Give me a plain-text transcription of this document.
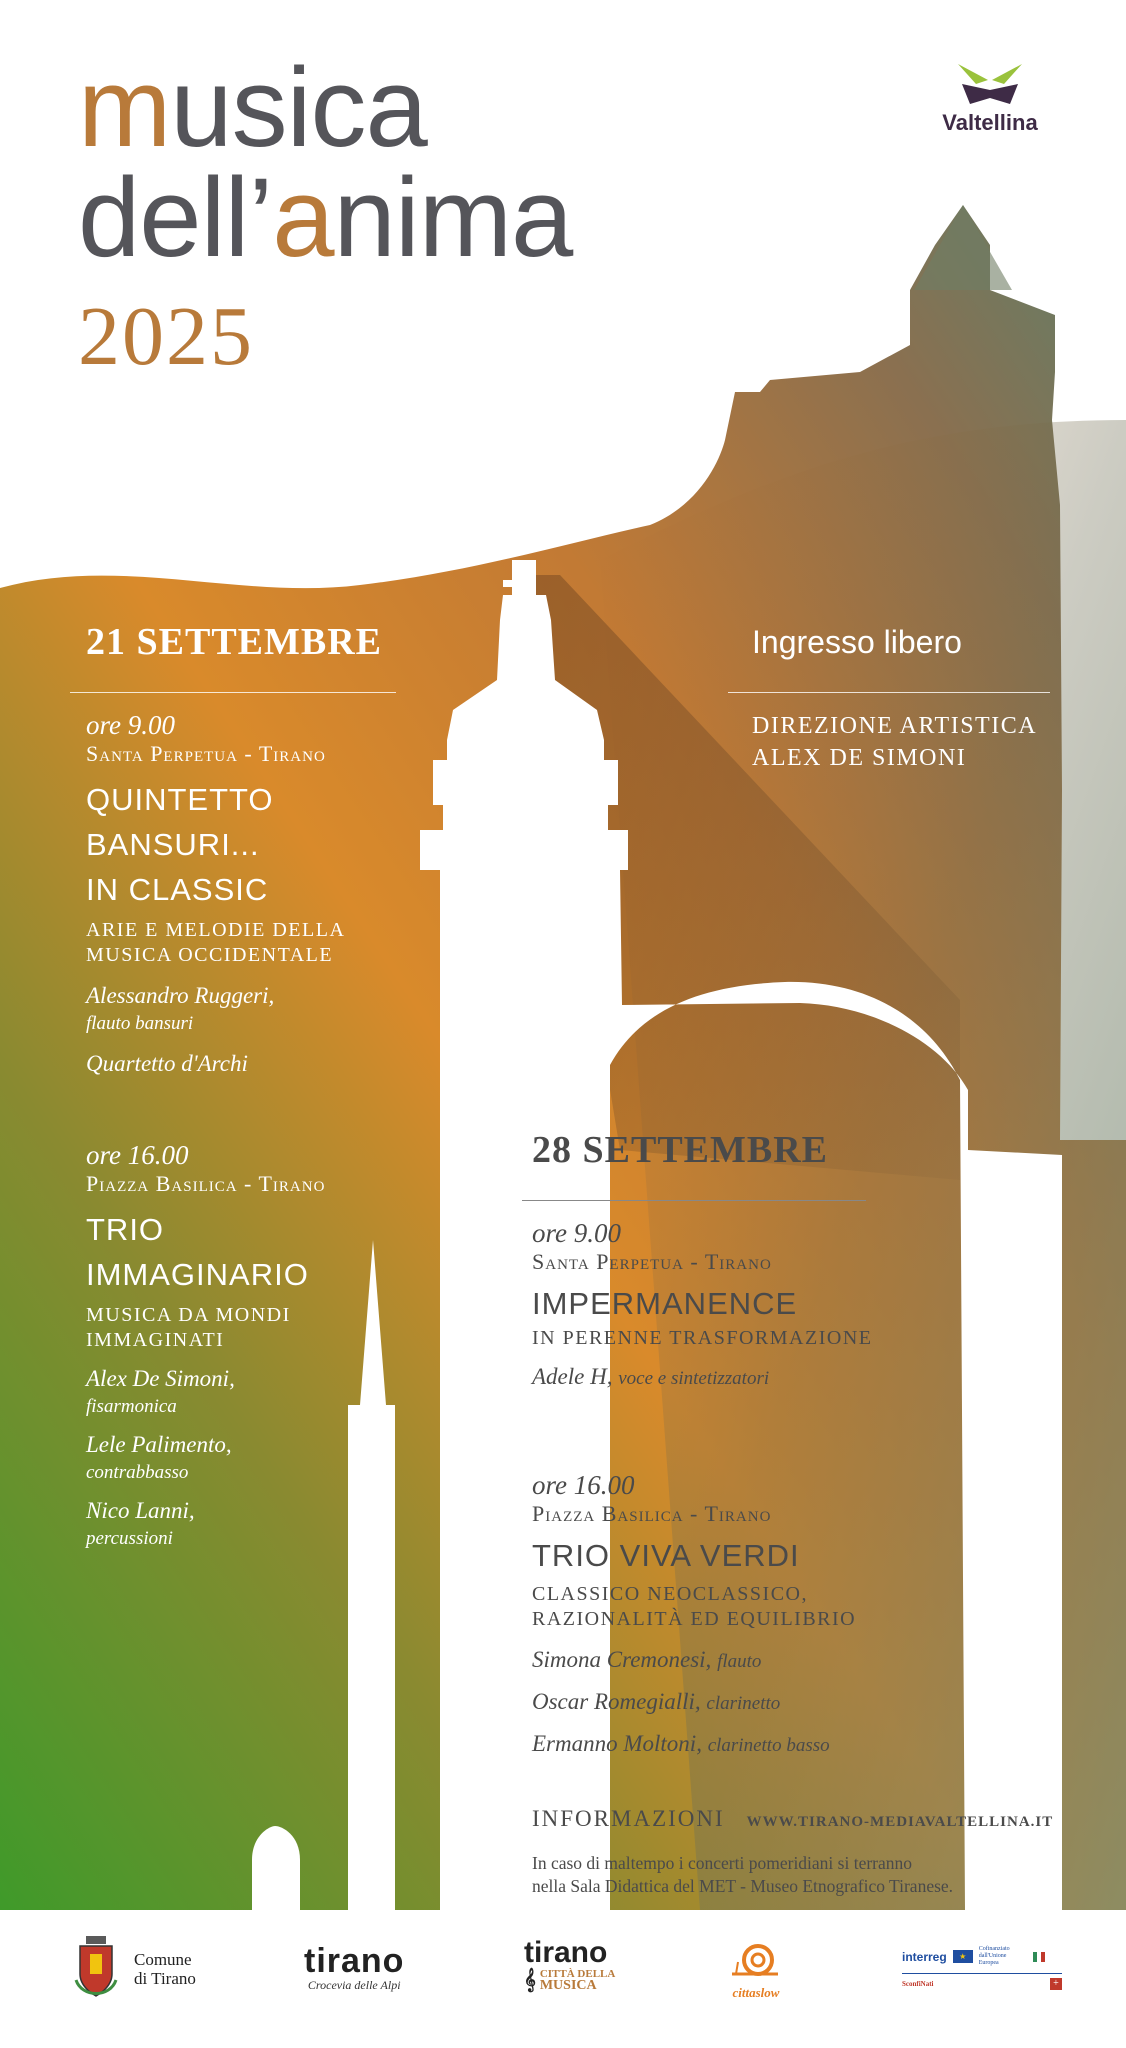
musica
dell’anima
2025
Valtellina
21 SETTEMBRE
ore 9.00
Santa Perpetua - Tirano
QUINTETTO
BANSURI...
IN CLASSIC
ARIE E MELODIE DELLA
MUSICA OCCIDENTALE
Alessandro Ruggeri,
flauto bansuri
Quartetto d'Archi
ore 16.00
Piazza Basilica - Tirano
TRIO
IMMAGINARIO
MUSICA DA MONDI
IMMAGINATI
Alex De Simoni,
fisarmonica
Lele Palimento,
contrabbasso
Nico Lanni,
percussioni
Ingresso libero
DIREZIONE ARTISTICA
ALEX DE SIMONI
28 SETTEMBRE
ore 9.00
Santa Perpetua - Tirano
IMPERMANENCE
IN PERENNE TRASFORMAZIONE
Adele H, voce e sintetizzatori
ore 16.00
Piazza Basilica - Tirano
TRIO VIVA VERDI
CLASSICO NEOCLASSICO,
RAZIONALITÀ ED EQUILIBRIO
Simona Cremonesi, flauto
Oscar Romegialli, clarinetto
Ermanno Moltoni, clarinetto basso
INFORMAZIONI WWW.TIRANO-MEDIAVALTELLINA.IT
In caso di maltempo i concerti pomeridiani si terranno
nella Sala Didattica del MET - Museo Etnografico Tiranese.
Comune
di Tirano	tirano
Crocevia delle Alpi
tirano
𝄞 CITTÀ DELLA
MUSICA	cittaslow
interreg	★
Cofinanziato dall'Unione Europea
SconfiNati	+
